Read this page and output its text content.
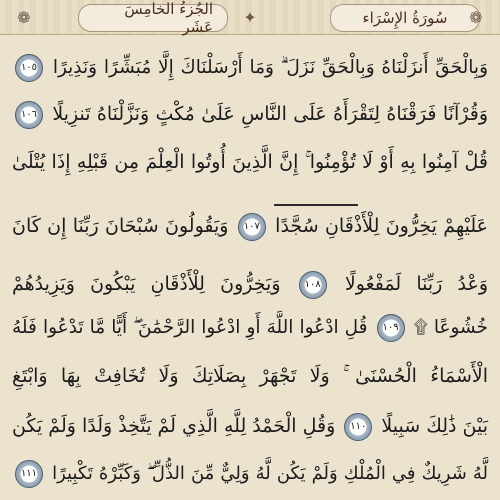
❁	الجُزءُ الخامِسَ عَشَر
✦	سُورَةُ الإِسْرَاء	❁
وَبِالْحَقِّ أَنزَلْنَاهُ وَبِالْحَقِّ نَزَلَ ۗ وَمَا أَرْسَلْنَاكَ إِلَّا مُبَشِّرًا وَنَذِيرًا ١٠٥
وَقُرْآنًا فَرَقْنَاهُ لِتَقْرَأَهُ عَلَى النَّاسِ عَلَىٰ مُكْثٍ وَنَزَّلْنَاهُ تَنزِيلًا ١٠٦
قُلْ آمِنُوا بِهِ أَوْ لَا تُؤْمِنُوا ۚ إِنَّ الَّذِينَ أُوتُوا الْعِلْمَ مِن قَبْلِهِ إِذَا يُتْلَىٰ
عَلَيْهِمْ يَخِرُّونَ لِلْأَذْقَانِ سُجَّدًا ١٠٧ وَيَقُولُونَ سُبْحَانَ رَبِّنَا إِن كَانَ
وَعْدُ رَبِّنَا لَمَفْعُولًا ١٠٨ وَيَخِرُّونَ لِلْأَذْقَانِ يَبْكُونَ وَيَزِيدُهُمْ
خُشُوعًا ۩ ١٠٩ قُلِ ادْعُوا اللَّهَ أَوِ ادْعُوا الرَّحْمَٰنَ ۖ أَيًّا مَّا تَدْعُوا فَلَهُ
الْأَسْمَاءُ الْحُسْنَىٰ ۚ وَلَا تَجْهَرْ بِصَلَاتِكَ وَلَا تُخَافِتْ بِهَا وَابْتَغِ
بَيْنَ ذَٰلِكَ سَبِيلًا ١١٠ وَقُلِ الْحَمْدُ لِلَّهِ الَّذِي لَمْ يَتَّخِذْ وَلَدًا وَلَمْ يَكُن
لَّهُ شَرِيكٌ فِي الْمُلْكِ وَلَمْ يَكُن لَّهُ وَلِيٌّ مِّنَ الذُّلِّ ۖ وَكَبِّرْهُ تَكْبِيرًا ١١١
